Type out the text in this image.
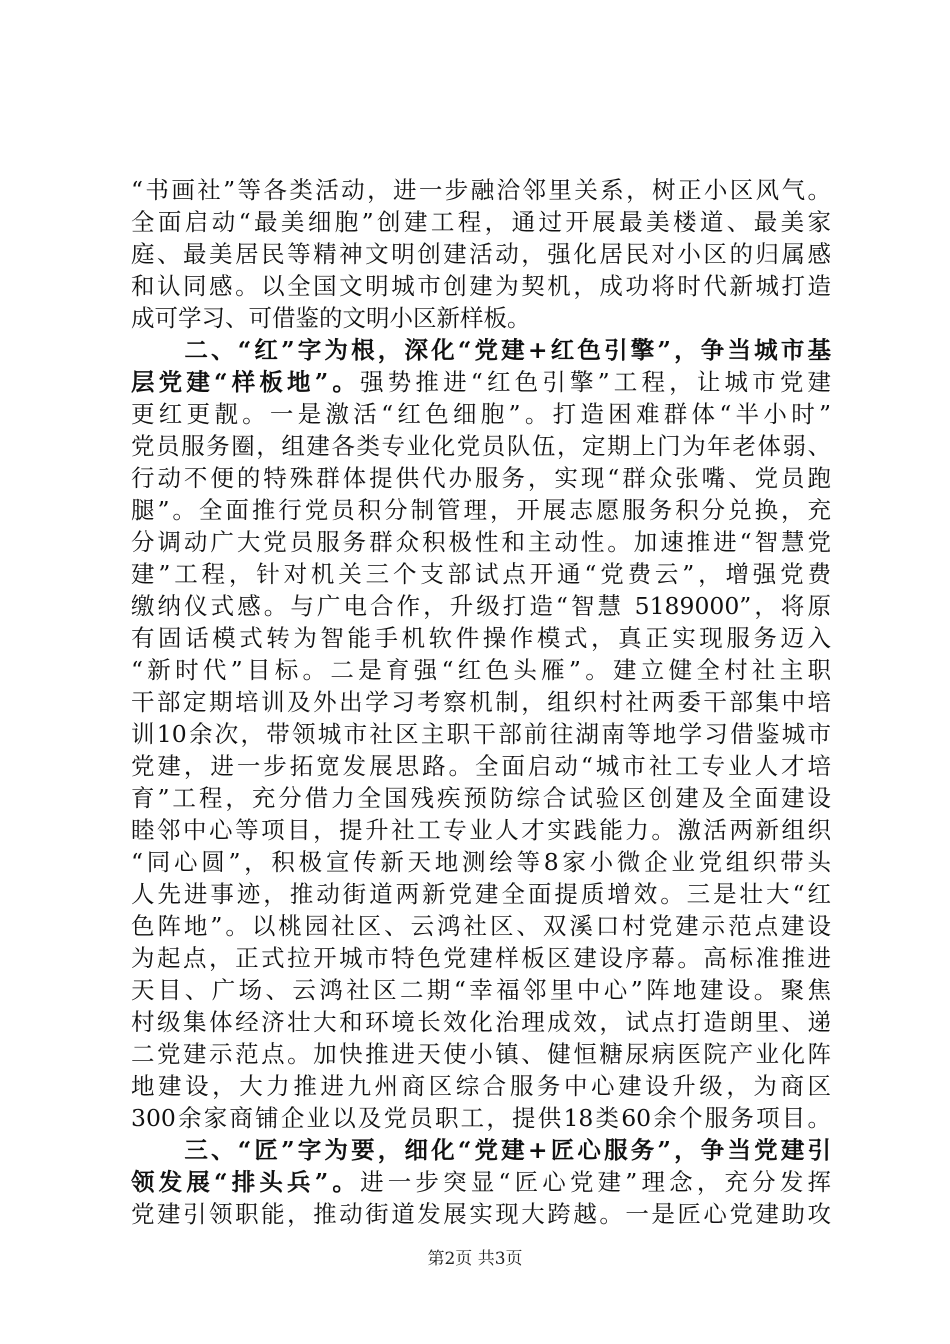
“书画社”等各类活动，进一步融洽邻里关系，树正小区风气。
全面启动“最美细胞”创建工程，通过开展最美楼道、最美家
庭、最美居民等精神文明创建活动，强化居民对小区的归属感
和认同感。以全国文明城市创建为契机，成功将时代新城打造
成可学习、可借鉴的文明小区新样板。
　　二、“红”字为根，深化“党建+红色引擎”，争当城市基
层党建“样板地”。强势推进“红色引擎”工程，让城市党建
更红更靓。一是激活“红色细胞”。打造困难群体“半小时”
党员服务圈，组建各类专业化党员队伍，定期上门为年老体弱、
行动不便的特殊群体提供代办服务，实现“群众张嘴、党员跑
腿”。全面推行党员积分制管理，开展志愿服务积分兑换，充
分调动广大党员服务群众积极性和主动性。加速推进“智慧党
建”工程，针对机关三个支部试点开通“党费云”，增强党费
缴纳仪式感。与广电合作，升级打造“智慧 5189000”，将原
有固话模式转为智能手机软件操作模式，真正实现服务迈入
“新时代”目标。二是育强“红色头雁”。建立健全村社主职
干部定期培训及外出学习考察机制，组织村社两委干部集中培
训10余次，带领城市社区主职干部前往湖南等地学习借鉴城市
党建，进一步拓宽发展思路。全面启动“城市社工专业人才培
育”工程，充分借力全国残疾预防综合试验区创建及全面建设
睦邻中心等项目，提升社工专业人才实践能力。激活两新组织
“同心圆”，积极宣传新天地测绘等8家小微企业党组织带头
人先进事迹，推动街道两新党建全面提质增效。三是壮大“红
色阵地”。以桃园社区、云鸿社区、双溪口村党建示范点建设
为起点，正式拉开城市特色党建样板区建设序幕。高标准推进
天目、广场、云鸿社区二期“幸福邻里中心”阵地建设。聚焦
村级集体经济壮大和环境长效化治理成效，试点打造朗里、递
二党建示范点。加快推进天使小镇、健恒糖尿病医院产业化阵
地建设，大力推进九州商区综合服务中心建设升级，为商区
300余家商铺企业以及党员职工，提供18类60余个服务项目。
　　三、“匠”字为要，细化“党建+匠心服务”，争当党建引
领发展“排头兵”。进一步突显“匠心党建”理念，充分发挥
党建引领职能，推动街道发展实现大跨越。一是匠心党建助攻
第2页 共3页
